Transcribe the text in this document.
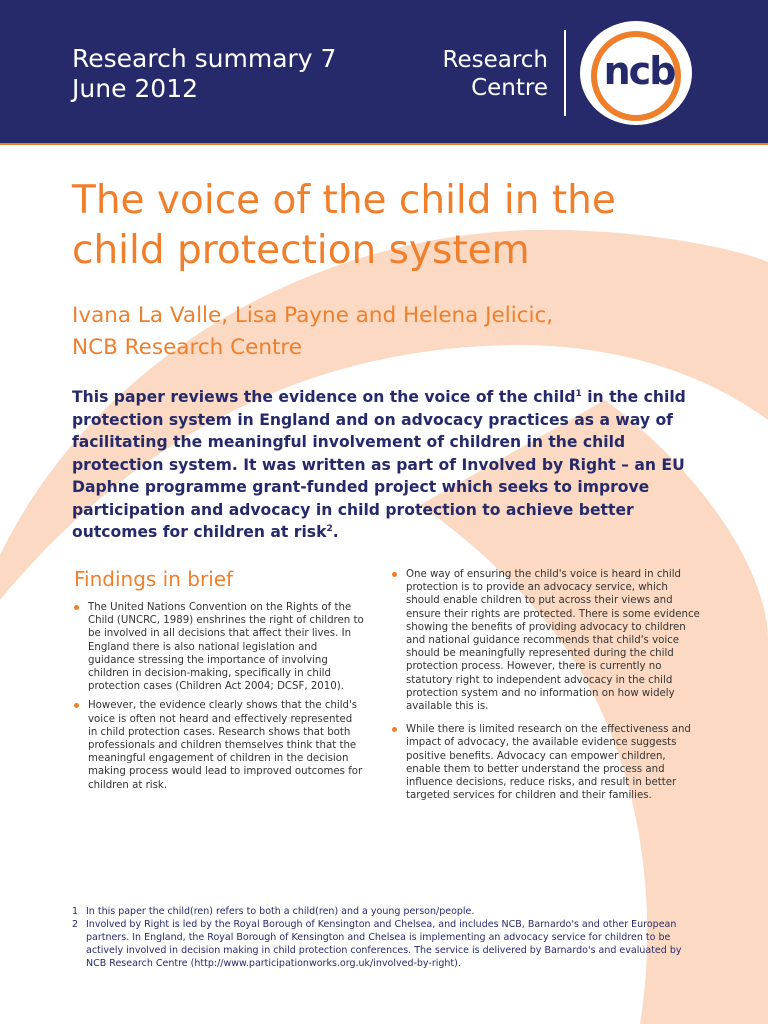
Research summary 7
June 2012
Research
Centre ncb
The voice of the child in the child protection system
Ivana La Valle, Lisa Payne and Helena Jelicic,
NCB Research Centre
This paper reviews the evidence on the voice of the child$^1$ in the child protection system in England and on advocacy practices as a way of facilitating the meaningful involvement of children in the child protection system. It was written as part of Involved by Right – an EU Daphne programme grant-funded project which seeks to improve participation and advocacy in child protection to achieve better outcomes for children at risk$^2$.
Findings in brief
The United Nations Convention on the Rights of the Child (UNCRC, 1989) enshrines the right of children to be involved in all decisions that affect their lives. In England there is also national legislation and guidance stressing the importance of involving children in decision-making, specifically in child protection cases (Children Act 2004; DCSF, 2010).
However, the evidence clearly shows that the child's voice is often not heard and effectively represented in child protection cases. Research shows that both professionals and children themselves think that the meaningful engagement of children in the decision making process would lead to improved outcomes for children at risk.
One way of ensuring the child's voice is heard in child protection is to provide an advocacy service, which should enable children to put across their views and ensure their rights are protected. There is some evidence showing the benefits of providing advocacy to children and national guidance recommends that child's voice should be meaningfully represented during the child protection process. However, there is currently no statutory right to independent advocacy in the child protection system and no information on how widely available this is.
While there is limited research on the effectiveness and impact of advocacy, the available evidence suggests positive benefits. Advocacy can empower children, enable them to better understand the process and influence decisions, reduce risks, and result in better targeted services for children and their families.
1 In this paper the child(ren) refers to both a child(ren) and a young person/people.
2 Involved by Right is led by the Royal Borough of Kensington and Chelsea, and includes NCB, Barnardo's and other European partners. In England, the Royal Borough of Kensington and Chelsea is implementing an advocacy service for children to be actively involved in decision making in child protection conferences. The service is delivered by Barnardo's and evaluated by NCB Research Centre (http://www.participationworks.org.uk/involved-by-right).
